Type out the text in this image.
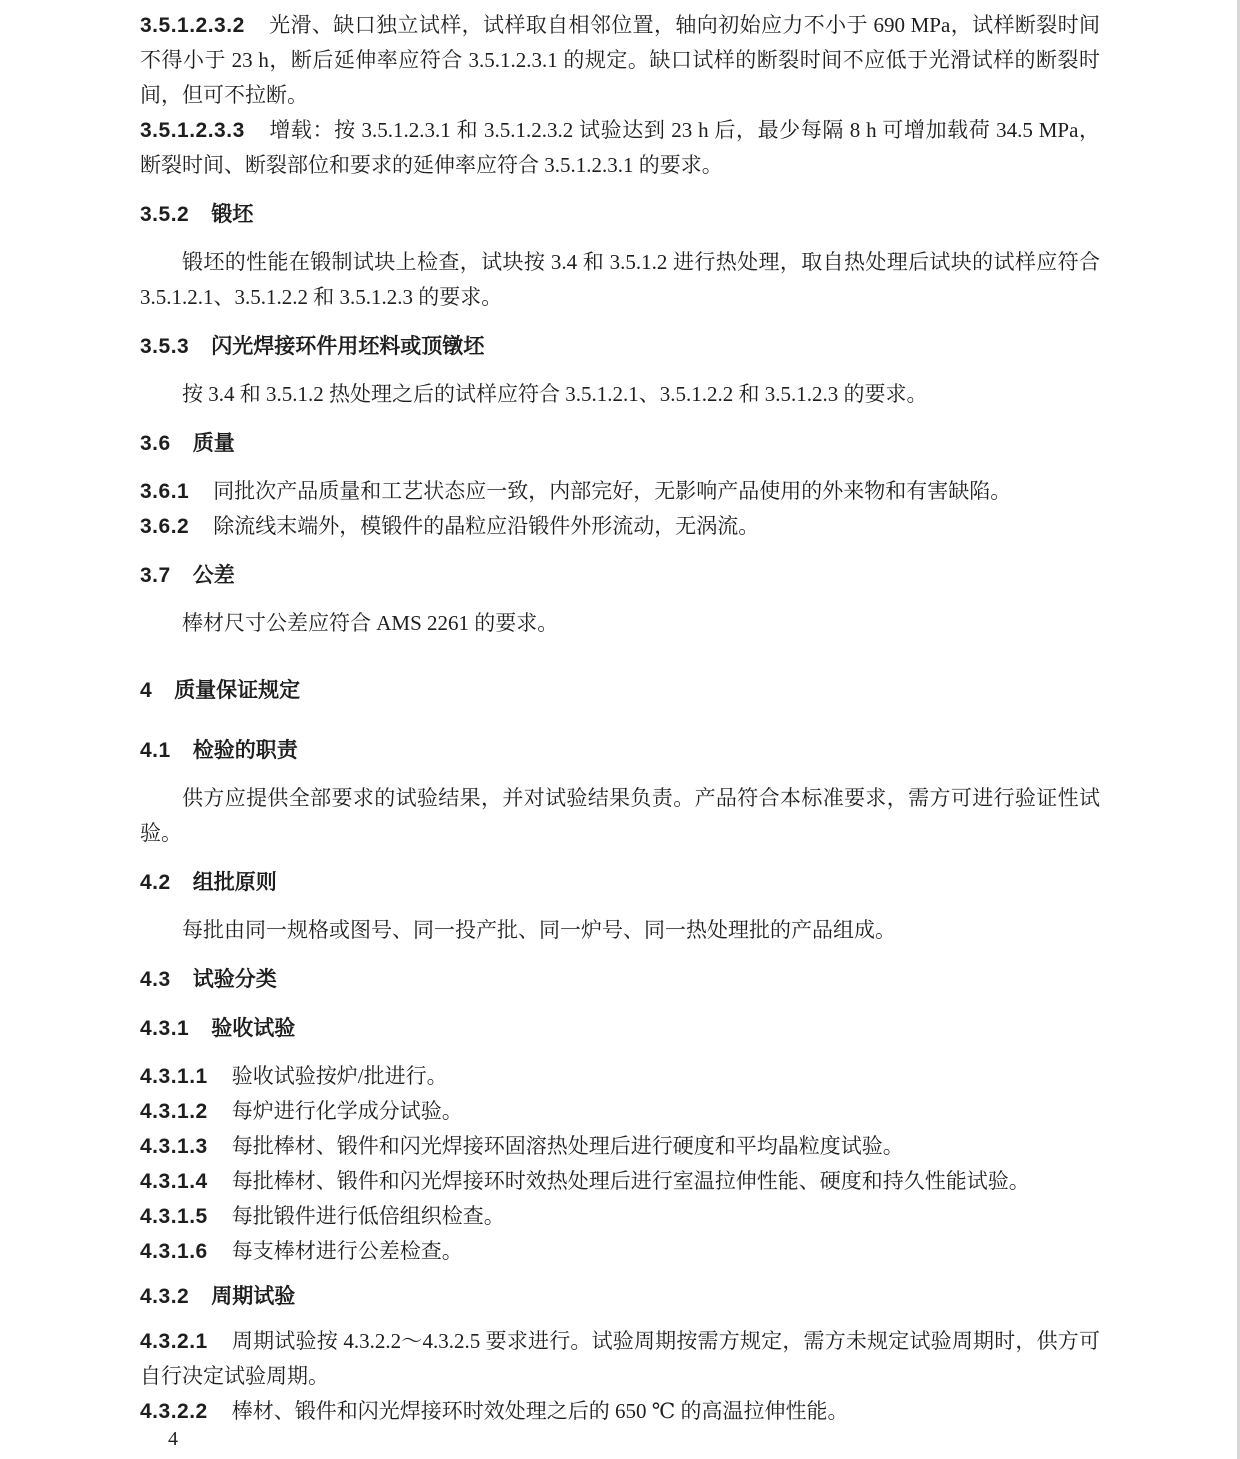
3.5.1.2.3.2 光滑、缺口独立试样，试样取自相邻位置，轴向初始应力不小于 690 MPa，试样断裂时间不得小于 23 h，断后延伸率应符合 3.5.1.2.3.1 的规定。缺口试样的断裂时间不应低于光滑试样的断裂时间，但可不拉断。

3.5.1.2.3.3 增载：按 3.5.1.2.3.1 和 3.5.1.2.3.2 试验达到 23 h 后，最少每隔 8 h 可增加载荷 34.5 MPa，断裂时间、断裂部位和要求的延伸率应符合 3.5.1.2.3.1 的要求。

3.5.2 锻坯

锻坯的性能在锻制试块上检查，试块按 3.4 和 3.5.1.2 进行热处理，取自热处理后试块的试样应符合 3.5.1.2.1、3.5.1.2.2 和 3.5.1.2.3 的要求。

3.5.3 闪光焊接环件用坯料或顶镦坯

按 3.4 和 3.5.1.2 热处理之后的试样应符合 3.5.1.2.1、3.5.1.2.2 和 3.5.1.2.3 的要求。

3.6 质量

3.6.1 同批次产品质量和工艺状态应一致，内部完好，无影响产品使用的外来物和有害缺陷。

3.6.2 除流线末端外，模锻件的晶粒应沿锻件外形流动，无涡流。

3.7 公差

棒材尺寸公差应符合 AMS 2261 的要求。

4 质量保证规定
4.1 检验的职责

供方应提供全部要求的试验结果，并对试验结果负责。产品符合本标准要求，需方可进行验证性试验。

4.2 组批原则

每批由同一规格或图号、同一投产批、同一炉号、同一热处理批的产品组成。

4.3 试验分类
4.3.1 验收试验

4.3.1.1 验收试验按炉/批进行。

4.3.1.2 每炉进行化学成分试验。

4.3.1.3 每批棒材、锻件和闪光焊接环固溶热处理后进行硬度和平均晶粒度试验。

4.3.1.4 每批棒材、锻件和闪光焊接环时效热处理后进行室温拉伸性能、硬度和持久性能试验。

4.3.1.5 每批锻件进行低倍组织检查。

4.3.1.6 每支棒材进行公差检查。

4.3.2 周期试验

4.3.2.1 周期试验按 4.3.2.2～4.3.2.5 要求进行。试验周期按需方规定，需方未规定试验周期时，供方可自行决定试验周期。

4.3.2.2 棒材、锻件和闪光焊接环时效处理之后的 650 ℃ 的高温拉伸性能。

4
